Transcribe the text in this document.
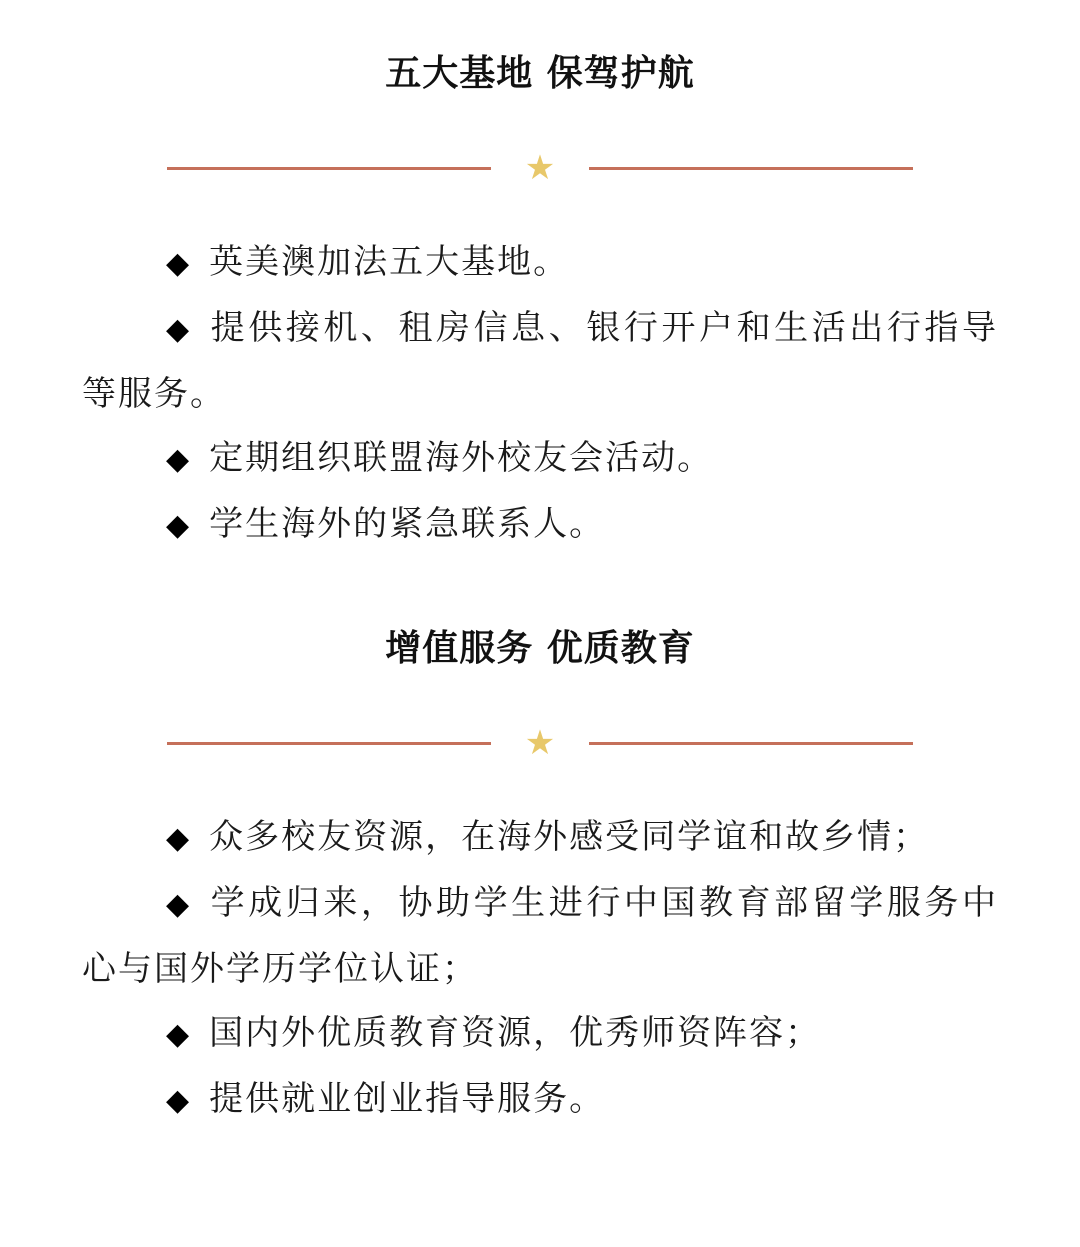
五大基地 保驾护航
★
◆ 英美澳加法五大基地。
◆ 提供接机、租房信息、银行开户和生活出行指导等服务。
◆ 定期组织联盟海外校友会活动。
◆ 学生海外的紧急联系人。
增值服务 优质教育
★
◆ 众多校友资源，在海外感受同学谊和故乡情；
◆ 学成归来，协助学生进行中国教育部留学服务中心与国外学历学位认证；
◆ 国内外优质教育资源，优秀师资阵容；
◆ 提供就业创业指导服务。
